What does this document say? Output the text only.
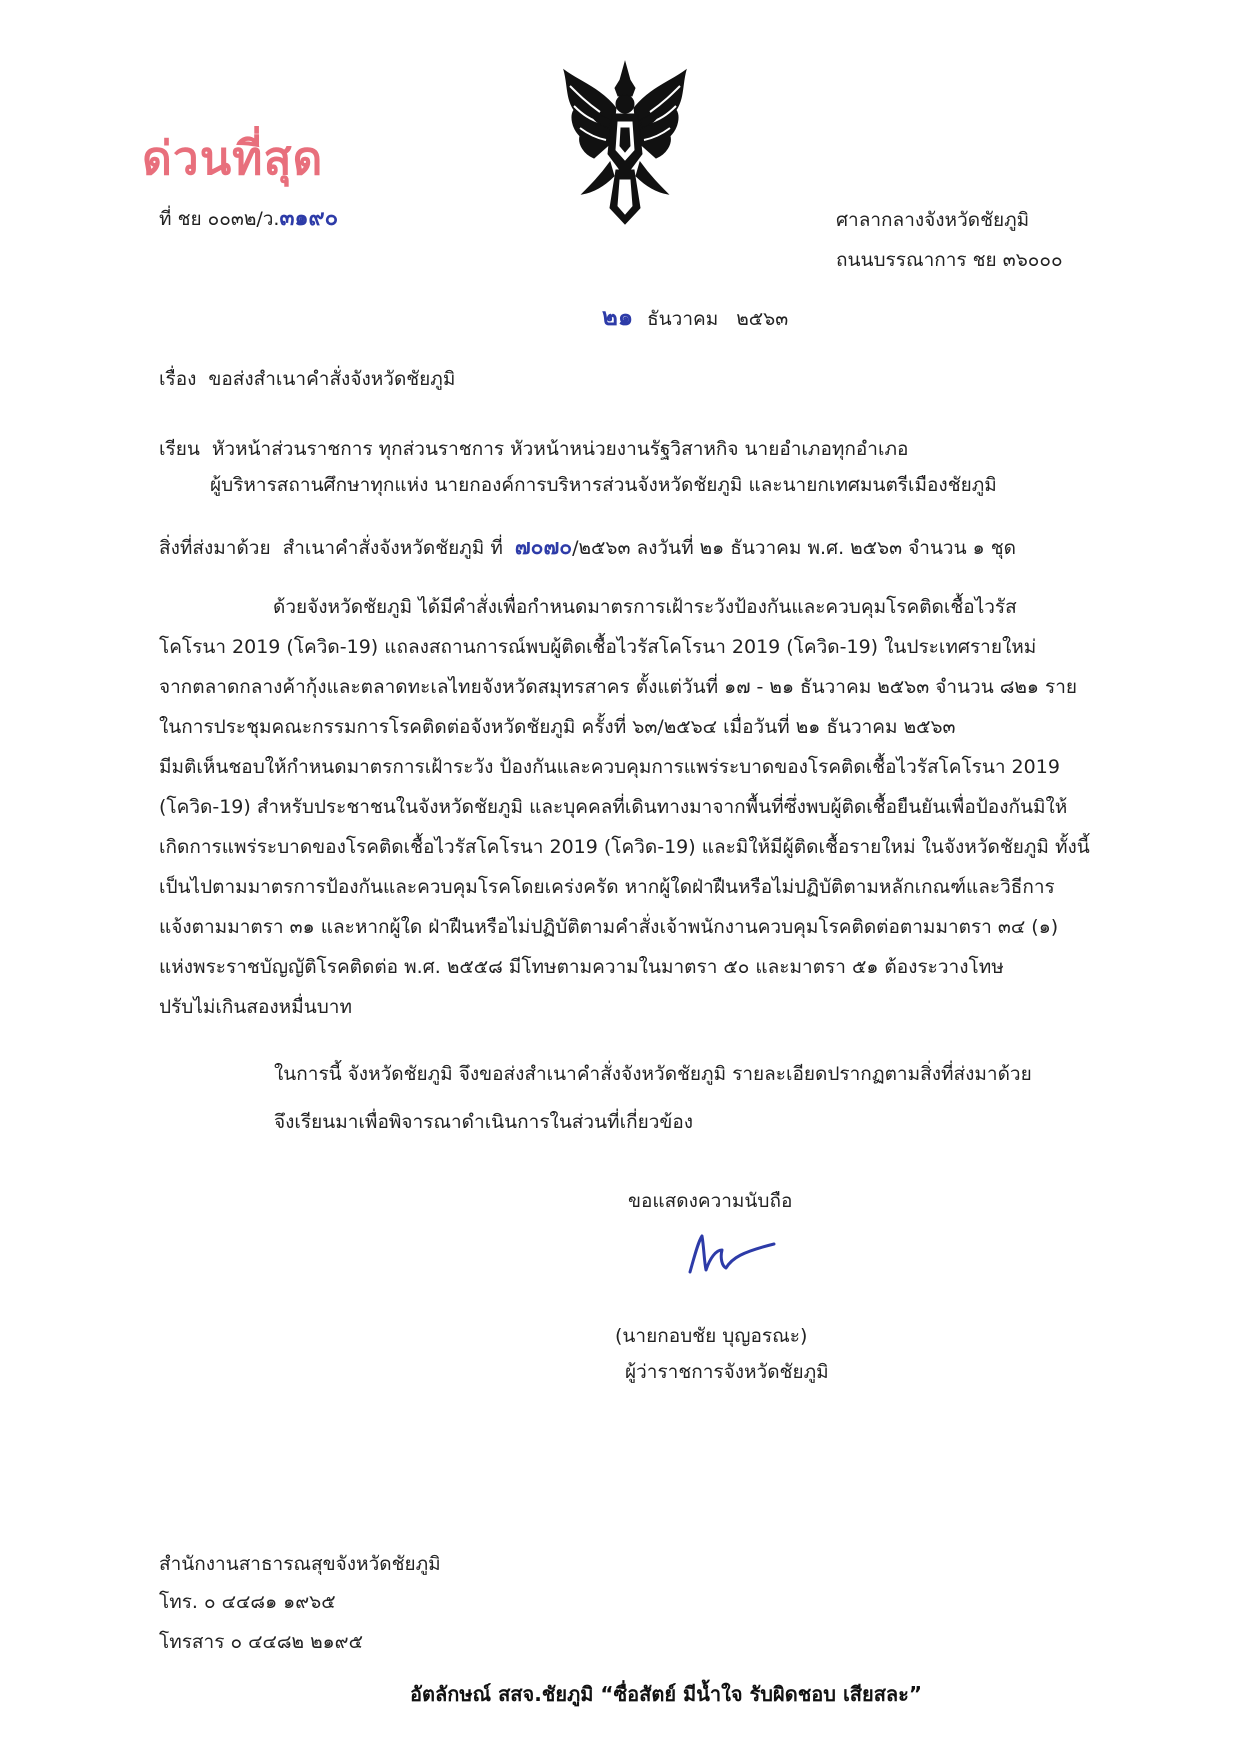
ด่วนที่สุด
ที่ ชย ๐๐๓๒/ว.๓๑๙๐	ศาลากลางจังหวัดชัยภูมิ
ถนนบรรณาการ ชย ๓๖๐๐๐
๒๑ ธันวาคม ๒๕๖๓
เรื่อง ขอส่งสำเนาคำสั่งจังหวัดชัยภูมิ
เรียน หัวหน้าส่วนราชการ ทุกส่วนราชการ หัวหน้าหน่วยงานรัฐวิสาหกิจ นายอำเภอทุกอำเภอ
ผู้บริหารสถานศึกษาทุกแห่ง นายกองค์การบริหารส่วนจังหวัดชัยภูมิ และนายกเทศมนตรีเมืองชัยภูมิ
สิ่งที่ส่งมาด้วย สำเนาคำสั่งจังหวัดชัยภูมิ ที่ ๗๐๗๐/๒๕๖๓ ลงวันที่ ๒๑ ธันวาคม พ.ศ. ๒๕๖๓ จำนวน ๑ ชุด
ด้วยจังหวัดชัยภูมิ ได้มีคำสั่งเพื่อกำหนดมาตรการเฝ้าระวังป้องกันและควบคุมโรคติดเชื้อไวรัส
โคโรนา 2019 (โควิด-19) แถลงสถานการณ์พบผู้ติดเชื้อไวรัสโคโรนา 2019 (โควิด-19) ในประเทศรายใหม่
จากตลาดกลางค้ากุ้งและตลาดทะเลไทยจังหวัดสมุทรสาคร ตั้งแต่วันที่ ๑๗ - ๒๑ ธันวาคม ๒๕๖๓ จำนวน ๘๒๑ ราย
ในการประชุมคณะกรรมการโรคติดต่อจังหวัดชัยภูมิ ครั้งที่ ๖๓/๒๕๖๔ เมื่อวันที่ ๒๑ ธันวาคม ๒๕๖๓
มีมติเห็นชอบให้กำหนดมาตรการเฝ้าระวัง ป้องกันและควบคุมการแพร่ระบาดของโรคติดเชื้อไวรัสโคโรนา 2019
(โควิด-19) สำหรับประชาชนในจังหวัดชัยภูมิ และบุคคลที่เดินทางมาจากพื้นที่ซึ่งพบผู้ติดเชื้อยืนยันเพื่อป้องกันมิให้
เกิดการแพร่ระบาดของโรคติดเชื้อไวรัสโคโรนา 2019 (โควิด-19) และมิให้มีผู้ติดเชื้อรายใหม่ ในจังหวัดชัยภูมิ ทั้งนี้
เป็นไปตามมาตรการป้องกันและควบคุมโรคโดยเคร่งครัด หากผู้ใดฝ่าฝืนหรือไม่ปฏิบัติตามหลักเกณฑ์และวิธีการ
แจ้งตามมาตรา ๓๑ และหากผู้ใด ฝ่าฝืนหรือไม่ปฏิบัติตามคำสั่งเจ้าพนักงานควบคุมโรคติดต่อตามมาตรา ๓๔ (๑)
แห่งพระราชบัญญัติโรคติดต่อ พ.ศ. ๒๕๕๘ มีโทษตามความในมาตรา ๕๐ และมาตรา ๕๑ ต้องระวางโทษ
ปรับไม่เกินสองหมื่นบาท
ในการนี้ จังหวัดชัยภูมิ จึงขอส่งสำเนาคำสั่งจังหวัดชัยภูมิ รายละเอียดปรากฏตามสิ่งที่ส่งมาด้วย
จึงเรียนมาเพื่อพิจารณาดำเนินการในส่วนที่เกี่ยวข้อง
ขอแสดงความนับถือ
(นายกอบชัย บุญอรณะ)
ผู้ว่าราชการจังหวัดชัยภูมิ
สำนักงานสาธารณสุขจังหวัดชัยภูมิ
โทร. ๐ ๔๔๘๑ ๑๙๖๕
โทรสาร ๐ ๔๔๘๒ ๒๑๙๕
อัตลักษณ์ สสจ.ชัยภูมิ “ซื่อสัตย์ มีน้ำใจ รับผิดชอบ เสียสละ”
